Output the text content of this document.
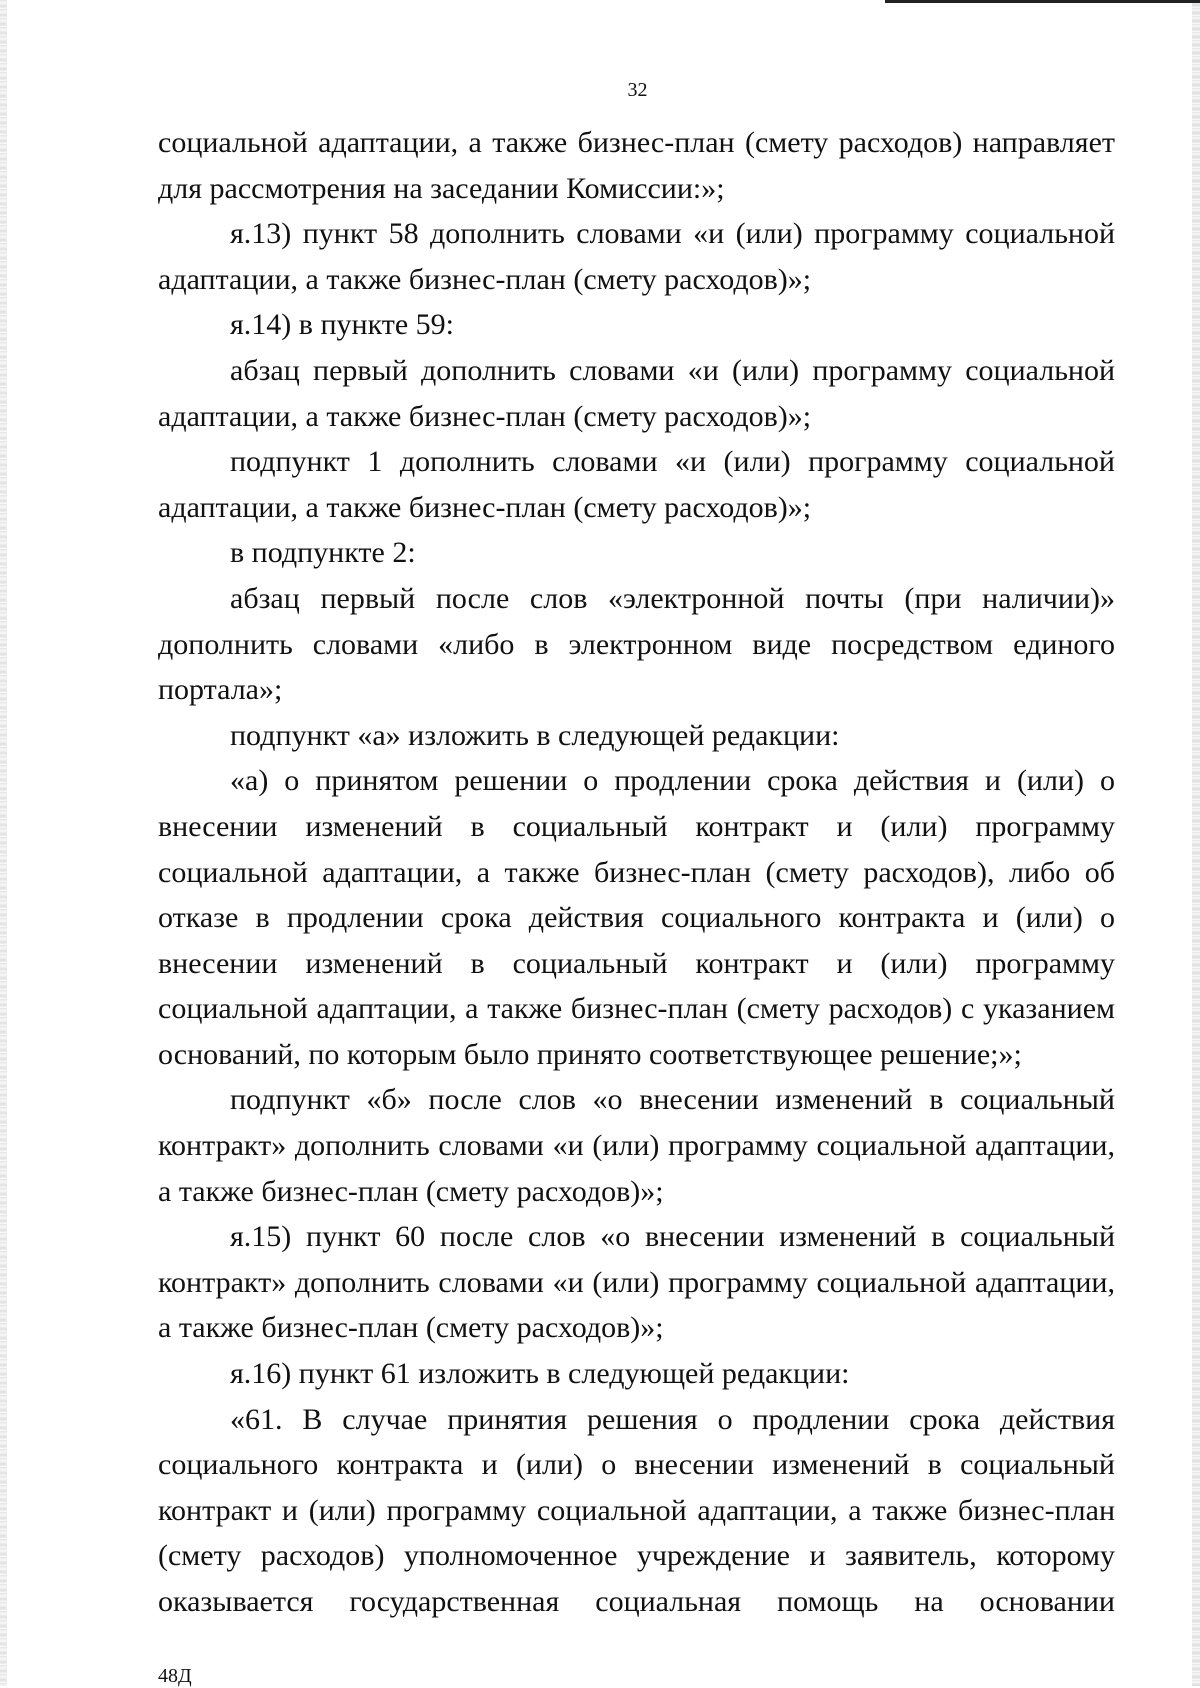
32

социальной адаптации, а также бизнес-план (смету расходов) направляет для рассмотрения на заседании Комиссии:»;

я.13) пункт 58 дополнить словами «и (или) программу социальной адаптации, а также бизнес-план (смету расходов)»;

я.14) в пункте 59:

абзац первый дополнить словами «и (или) программу социальной адаптации, а также бизнес-план (смету расходов)»;

подпункт 1 дополнить словами «и (или) программу социальной адаптации, а также бизнес-план (смету расходов)»;

в подпункте 2:

абзац первый после слов «электронной почты (при наличии)» дополнить словами «либо в электронном виде посредством единого портала»;

подпункт «а» изложить в следующей редакции:

«а) о принятом решении о продлении срока действия и (или) о внесении изменений в социальный контракт и (или) программу социальной адаптации, а также бизнес-план (смету расходов), либо об отказе в продлении срока действия социального контракта и (или) о внесении изменений в социальный контракт и (или) программу социальной адаптации, а также бизнес-план (смету расходов) с указанием оснований, по которым было принято соответствующее решение;»;

подпункт «б» после слов «о внесении изменений в социальный контракт» дополнить словами «и (или) программу социальной адаптации, а также бизнес-план (смету расходов)»;

я.15) пункт 60 после слов «о внесении изменений в социальный контракт» дополнить словами «и (или) программу социальной адаптации, а также бизнес-план (смету расходов)»;

я.16) пункт 61 изложить в следующей редакции:

«61. В случае принятия решения о продлении срока действия социального контракта и (или) о внесении изменений в социальный контракт и (или) программу социальной адаптации, а также бизнес-план (смету расходов) уполномоченное учреждение и заявитель, которому оказывается государственная социальная помощь на основании

48Д
